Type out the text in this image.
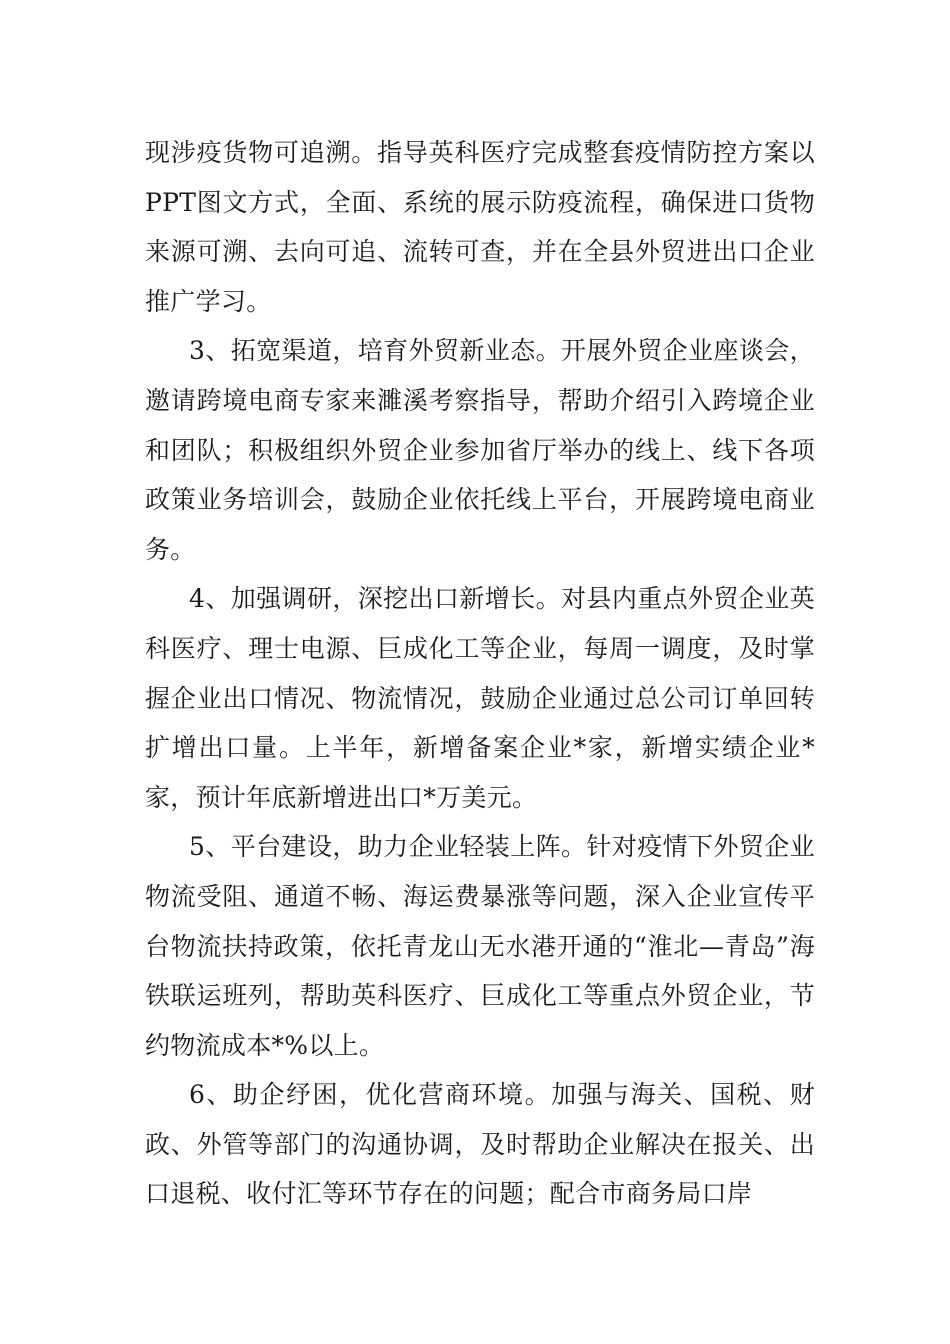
现涉疫货物可追溯。指导英科医疗完成整套疫情防控方案以PPT图文方式，全面、系统的展示防疫流程，确保进口货物来源可溯、去向可追、流转可查，并在全县外贸进出口企业推广学习。

3、拓宽渠道，培育外贸新业态。开展外贸企业座谈会，邀请跨境电商专家来濉溪考察指导，帮助介绍引入跨境企业和团队；积极组织外贸企业参加省厅举办的线上、线下各项政策业务培训会，鼓励企业依托线上平台，开展跨境电商业务。

4、加强调研，深挖出口新增长。对县内重点外贸企业英科医疗、理士电源、巨成化工等企业，每周一调度，及时掌握企业出口情况、物流情况，鼓励企业通过总公司订单回转扩增出口量。上半年，新增备案企业*家，新增实绩企业*家，预计年底新增进出口*万美元。

5、平台建设，助力企业轻装上阵。针对疫情下外贸企业物流受阻、通道不畅、海运费暴涨等问题，深入企业宣传平台物流扶持政策，依托青龙山无水港开通的“淮北—青岛”海铁联运班列，帮助英科医疗、巨成化工等重点外贸企业，节约物流成本*%以上。

6、助企纾困，优化营商环境。加强与海关、国税、财政、外管等部门的沟通协调，及时帮助企业解决在报关、出口退税、收付汇等环节存在的问题；配合市商务局口岸
